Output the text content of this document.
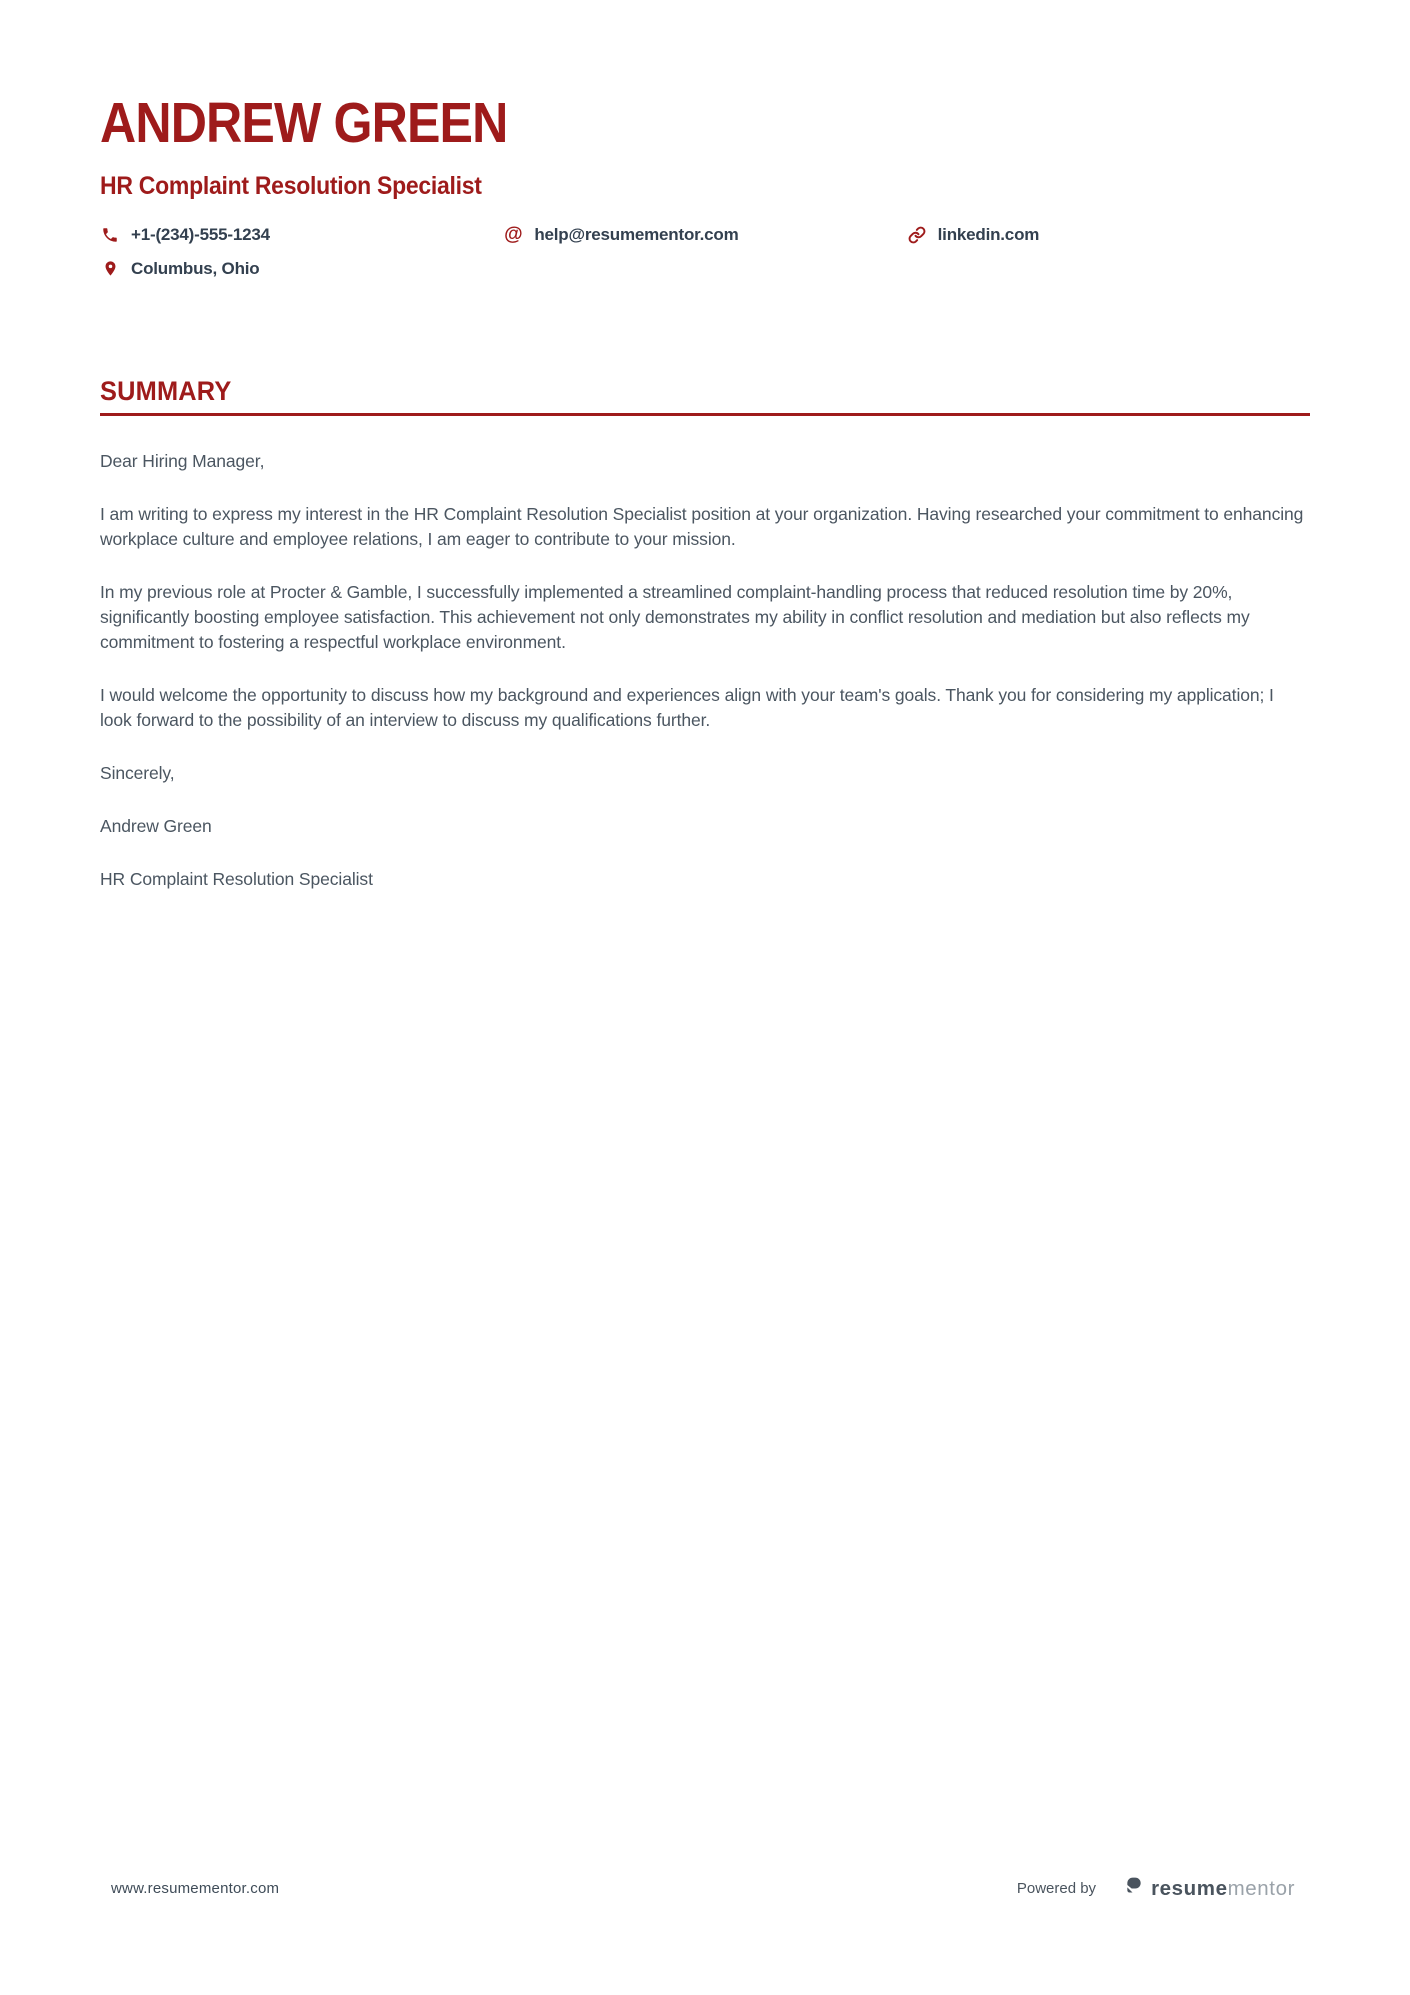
ANDREW GREEN
HR Complaint Resolution Specialist
+1-(234)-555-1234	@ help@resumementor.com	linkedin.com
Columbus, Ohio
SUMMARY

Dear Hiring Manager,

I am writing to express my interest in the HR Complaint Resolution Specialist position at your organization. Having researched your commitment to enhancing workplace culture and employee relations, I am eager to contribute to your mission.

In my previous role at Procter & Gamble, I successfully implemented a streamlined complaint-handling process that reduced resolution time by 20%, significantly boosting employee satisfaction. This achievement not only demonstrates my ability in conflict resolution and mediation but also reflects my commitment to fostering a respectful workplace environment.

I would welcome the opportunity to discuss how my background and experiences align with your team's goals. Thank you for considering my application; I look forward to the possibility of an interview to discuss my qualifications further.

Sincerely,

Andrew Green

HR Complaint Resolution Specialist

www.resumementor.com	Powered by	resumementor
